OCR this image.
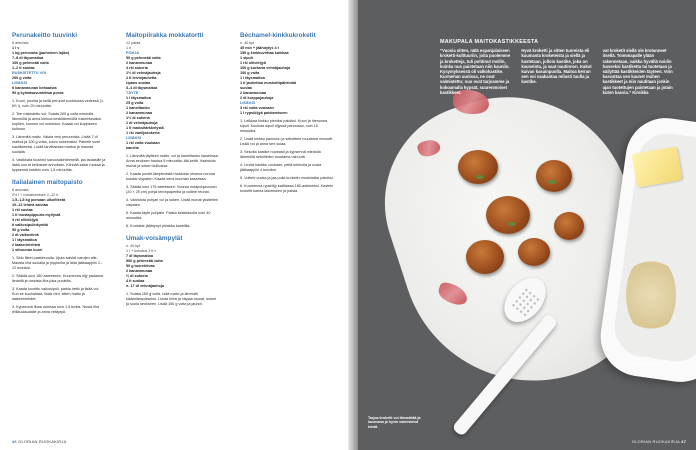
Perunakeitto tuuvinki
6 annosta
1 l v
1 kg perunoita (jauhoinen lajike)
7–8 dl täysmaitoa
100 g pehmeää voita
1–2 tl suolaa
RUSKISTETTU VOI
200 g voita
LISÄKSI
6 kananmunan keltuaista
50 g kylmäsavustettua poroa

1. Kuori, puolita ja keitä perunat suolatussa vedessä (1 tl/1 l), noin 20 minuuttia.

2. Tee ruskistettu voi. Sulata 200 g voita miedolla lämmöllä ja anna kiehua keskilämmöllä ruskehtavaksi kuplien, kunnes voi ruskistuu. Kaada voi kuppiseen kulhoon.

3. Lämmitä maito. Valuta vesi perunoista. Lisää 7 dl maitoa ja 100 g voita, survo sosemaksi. Painele sose kastikkeeksi. Lisää tarvittaessa maitoa ja mausta suolalla.

4. Vasikkata tuuvinki savuosakeitinmellä, jaa lautasille ja lisää nuo'at kellosiset annoksiin. Kiinnitä kaksi ruokaa ja kypsennä kutakin noin 1,5 minuuttia.

Italialainen maitopaisto
6 annosta
2½ l + maustuminen 2–12 h
1,5–1,8 kg porsaan ulkofileetä
10–12 lehteä salviaa
1 rkl suolaa
1 tl mustapippuria myllystä
3 rkl oliiviöljyä
6 valkosipulinkynttä
50 g voita
2 dl valkoviiniä
1 l täysmaitoa
2 laakerinlehteä
1 sitruunan kuori

1. Sido fileet paistinruulla. Ujuta salviat narujen alle. Mausta liha suolalla ja pippurilla ja laita jääkaappiin 2–12 tunniksi.

2. Säädä uuni 180 asteeseen. Kuumenna öljy padassa liedellä ja ruskista liha joka puolelta.

3. Kaada kuorittu valkosipuli, paista hetki ja lisää voi. Kun se kuohahtaa, lisää viini, sitten maito ja laakerinlehdet.

4. Kypsennä lihaa uunissa noin 1,5 tuntia. Nosta liha leikkuulaudalle ja anna vetäytyä.

Maitopiirakka mokkatortti
12 palaa
1 h
POHJA
50 g pehmeää voita
2 kananmunaa
4 rkl sokeria
1½ dl vehnäjauhoja
2 tl leivinjauhetta
ripaus suolaa
3–4 dl täysmaitoa
TÄYTE
1 l täysmaitoa
25 g voita
1 kanelitanko
2 kananmunaa
1½ dl sokeria
1 dl vehnäjauhoja
1 tl maissitärkkelystä
1 rkl vaniljasokeria
LISÄKSI
1 rkl voita vuokaan
kanelia

1. Lämmitä täytteen maito, voi ja kanelitanko kasariissa. Anna seoksen hautua 5 minuuttia, älä keitä. Vaahdota munat ja sokeri kulhossa.

2. Kaada puolet lämpimästä maidosta ohuena norona kuluksi vispaten. Kaada seos kuuman kasarissa.

3. Säädä uuni 175 asteeseen. Vuoraa rintapohjavuoan (20 × 25 cm) pohja leivinpaperilla ja voitele reunat.

4. Vaahdota pohjan voi ja sokeri. Lisää munat yksitellen vispaten.

5. Kaada täyte pohjalle. Paista keskitasolla noin 40 minuuttia.

6. Koristele jäähtynyt piirakka kanelilla.

Umak-voisämpylät
n. 40 kpl
1 l + kohotus 1½ t
7 dl täysmaitoa
500 g pehmeää voita
50 g tuorehiivaa
2 kananmunaa
½ dl sokeria
4 tl suolaa
n. 17 dl vehnäjauhoja

1. Sulata 150 g voita. Isää maito ja lämmitä kädenlämpöiseksi. Liuota hiiva ja vispaa munat, sokeri ja suola seokseen. Lisää 150 g voita ja jauhot.

Béchamel-kinkkukroketit
n. 40 kpl
45 min + jäähdytys 4 t
150 g kinkkuvirttaa kuikkaa
1 sipuli
1 rkl oliiviöljyä
100 g kurkaria vehnäjauhoja
100 g voita
1 l täysmaitoa
1 tl jauhettua muskottipähkinää
suolaa
2 kananmunaa
2 dl korppujauhoja
LISÄKSI
3 rkl voita vuokaan
1 l rypsiöljyä paistamiseen

1. Leikkaa kinkku pieniksi paloiksi. Kuori ja hienonna sipuli. Kuullota sipuli öljyssä pannussa, noin 10 minuuttia.

2. Lisää kinkku pannuun ja sekoittele muutama minuutti. Lisää voi ja anna sen sulaa.

3. Sekoita kastike nopeasti ja kypsennä miedolla lämmöllä sekoitellen muutama minuutti.

4. Levitä kastike vuokaan, peitä kelmulla ja nosta jääkaappiin 4 tunniksi.

5. Voitele vuoka ja jaa pulla kroketin muotoisiksi paloiksi.

6. Kuumenna rypsiöljy kattilassa 180-asteiseksi. Kastele kroketit kanna lasimiseen ja paista.

46 GLORIAN RUOKAKIRJA
MAKUPALA MAITOKASTIKKEESTA
”Vuosia sitten, nälä espanjalaiseen kroketti-kulttuuriin, joita puolemme ja kroketteja, tuli pohtinut mollin, kuinka nuo paistetaan niin kauniin. Kysymyksessä oli valkokastike. Kurmehan uunissa, ne ovat valmistettu; nuo ovat tarjoamme ja kokoamalla kypsät, suurenmoiset kastikkeet.
Hyvä kroketti ja sitten tuoreista eli kuumasta kroketeista ja siellä ja kastetaan, jolloin kastike, joka on kauneinta, ja saat nautinnon. Kakut kuivan kasainpuolla. Maitoa kerran sen voi vaakantaa reilusti tuulla ja kastike.
vat kroketit siellä ole krotanneet itsellä. Toimmapalle ylään rakennetaan, vaikka hyvällä noidin hanseksi kastiketta tai tuotetaan ja säilyttää kastikkeiden täyteen. Voin kasvattaa sen kaunet muhen kastikkeet ja niin nautitaan jonkin ajan tuotettujen paistetaan ja jotain kuten kasvia.” Kirsikka
BÉCHAMEL-KINKKUKROKETIT
Tarjoa kroketit voi lämmittää ja kuumana ja hyvin valmistetut leivät.
GLORIAN RUOKAKIRJA 47
